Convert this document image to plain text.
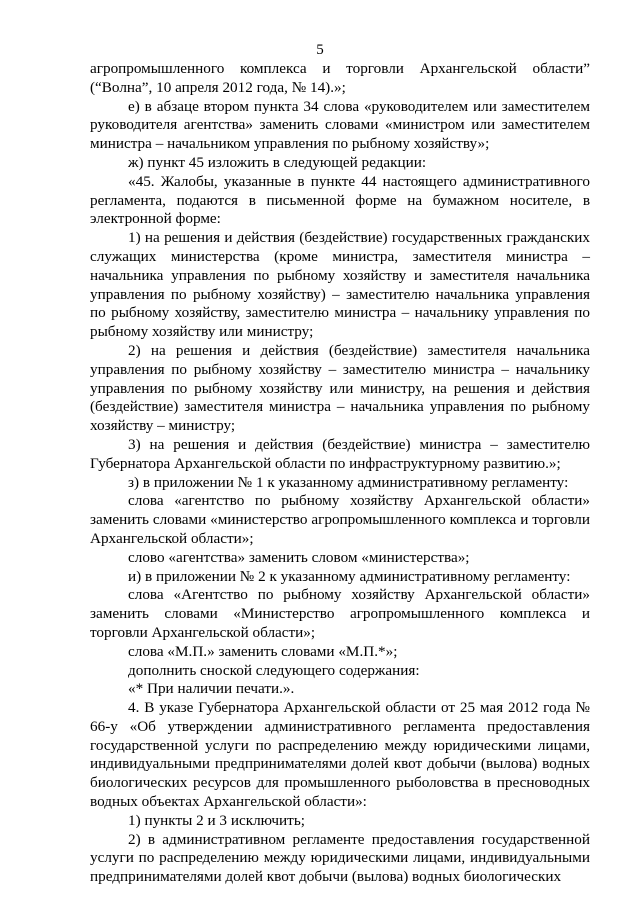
5

агропромышленного комплекса и торговли Архангельской области” (“Волна”, 10 апреля 2012 года, № 14).»;

е) в абзаце втором пункта 34 слова «руководителем или заместителем руководителя агентства» заменить словами «министром или заместителем министра – начальником управления по рыбному хозяйству»;

ж) пункт 45 изложить в следующей редакции:

«45. Жалобы, указанные в пункте 44 настоящего административного регламента, подаются в письменной форме на бумажном носителе, в электронной форме:

1) на решения и действия (бездействие) государственных гражданских служащих министерства (кроме министра, заместителя министра – начальника управления по рыбному хозяйству и заместителя начальника управления по рыбному хозяйству) – заместителю начальника управления по рыбному хозяйству, заместителю министра – начальнику управления по рыбному хозяйству или министру;

2) на решения и действия (бездействие) заместителя начальника управления по рыбному хозяйству – заместителю министра – начальнику управления по рыбному хозяйству или министру, на решения и действия (бездействие) заместителя министра – начальника управления по рыбному хозяйству – министру;

3) на решения и действия (бездействие) министра – заместителю Губернатора Архангельской области по инфраструктурному развитию.»;

з) в приложении № 1 к указанному административному регламенту:

слова «агентство по рыбному хозяйству Архангельской области» заменить словами «министерство агропромышленного комплекса и торговли Архангельской области»;

слово «агентства» заменить словом «министерства»;

и) в приложении № 2 к указанному административному регламенту:

слова «Агентство по рыбному хозяйству Архангельской области» заменить словами «Министерство агропромышленного комплекса и торговли Архангельской области»;

слова «М.П.» заменить словами «М.П.*»;

дополнить сноской следующего содержания:

«* При наличии печати.».

4. В указе Губернатора Архангельской области от 25 мая 2012 года № 66-у «Об утверждении административного регламента предоставления государственной услуги по распределению между юридическими лицами, индивидуальными предпринимателями долей квот добычи (вылова) водных биологических ресурсов для промышленного рыболовства в пресноводных водных объектах Архангельской области»:

1) пункты 2 и 3 исключить;

2) в административном регламенте предоставления государственной услуги по распределению между юридическими лицами, индивидуальными предпринимателями долей квот добычи (вылова) водных биологических
